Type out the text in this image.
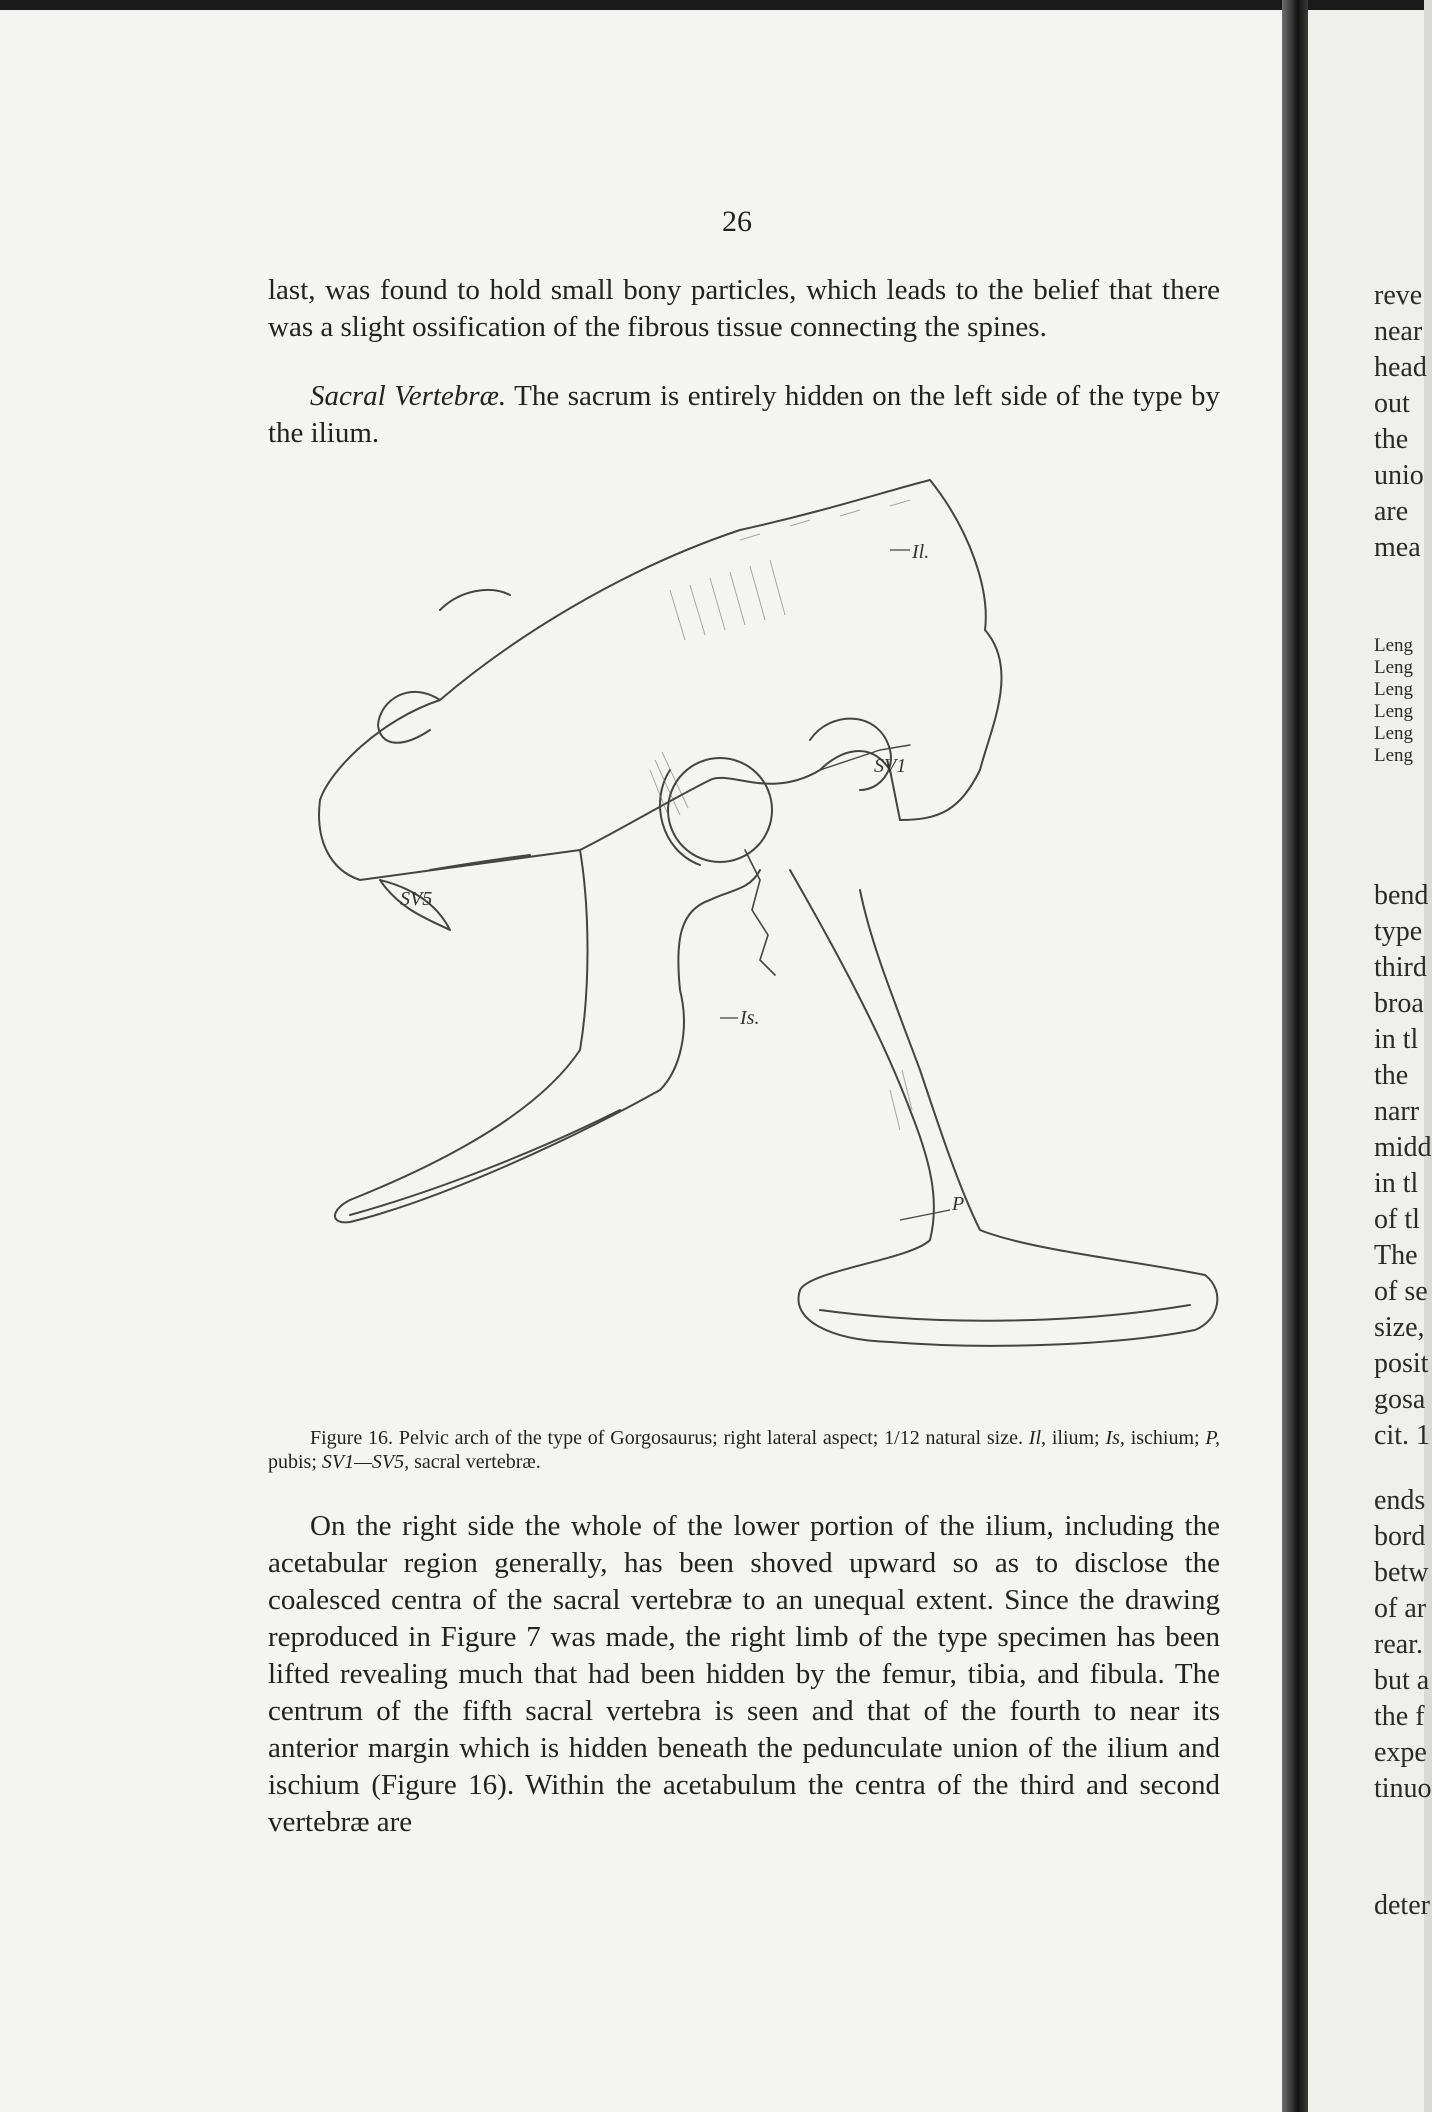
26

last, was found to hold small bony particles, which leads to the belief that there was a slight ossification of the fibrous tissue connecting the spines.

Sacral Vertebræ. The sacrum is entirely hidden on the left side of the type by the ilium.

Il.
SV1
SV5
Is.
P

Figure 16. Pelvic arch of the type of Gorgosaurus; right lateral aspect; 1/12 natural size. Il, ilium; Is, ischium; P, pubis; SV1—SV5, sacral vertebræ.

On the right side the whole of the lower portion of the ilium, including the acetabular region generally, has been shoved upward so as to disclose the coalesced centra of the sacral vertebræ to an unequal extent. Since the drawing reproduced in Figure 7 was made, the right limb of the type specimen has been lifted revealing much that had been hidden by the femur, tibia, and fibula. The centrum of the fifth sacral vertebra is seen and that of the fourth to near its anterior margin which is hidden beneath the pedunculate union of the ilium and ischium (Figure 16). Within the acetabulum the centra of the third and second vertebræ are

reve
near
head
out
the
unio
are
mea
Leng
Leng
Leng
Leng
Leng
Leng
bend
type
third
broa
in tl
the
narr
midd
in tl
of tl
The
of se
size,
posit
gosa
cit. 1
ends
bord
betw
of ar
rear.
but a
the f
expe
tinuo
deter
